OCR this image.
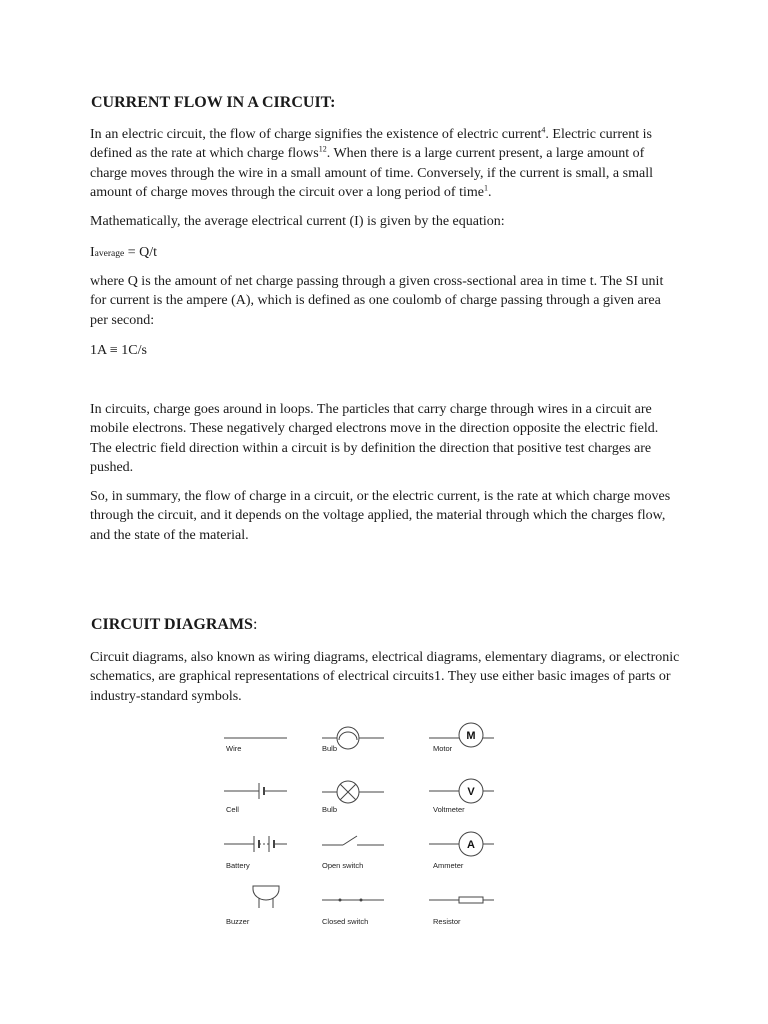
CURRENT FLOW IN A CIRCUIT:

In an electric circuit, the flow of charge signifies the existence of electric current$^4$. Electric current is defined as the rate at which charge flows$^{12}$. When there is a large current present, a large amount of charge moves through the wire in a small amount of time. Conversely, if the current is small, a small amount of charge moves through the circuit over a long period of time$^1$.

Mathematically, the average electrical current (I) is given by the equation:

Iaverage = Q/t

where Q is the amount of net charge passing through a given cross-sectional area in time t. The SI unit for current is the ampere (A), which is defined as one coulomb of charge passing through a given area per second:

1A ≡ 1C/s

In circuits, charge goes around in loops. The particles that carry charge through wires in a circuit are mobile electrons. These negatively charged electrons move in the direction opposite the electric field. The electric field direction within a circuit is by definition the direction that positive test charges are pushed.

So, in summary, the flow of charge in a circuit, or the electric current, is the rate at which charge moves through the circuit, and it depends on the voltage applied, the material through which the charges flow, and the state of the material.

CIRCUIT DIAGRAMS:

Circuit diagrams, also known as wiring diagrams, electrical diagrams, elementary diagrams, or electronic schematics, are graphical representations of electrical circuits1. They use either basic images of parts or industry-standard symbols.

Wire	Bulb	Motor
Cell	Bulb	Voltmeter
Battery	Open switch	Ammeter
Buzzer	Closed switch	Resistor
M
V
A
